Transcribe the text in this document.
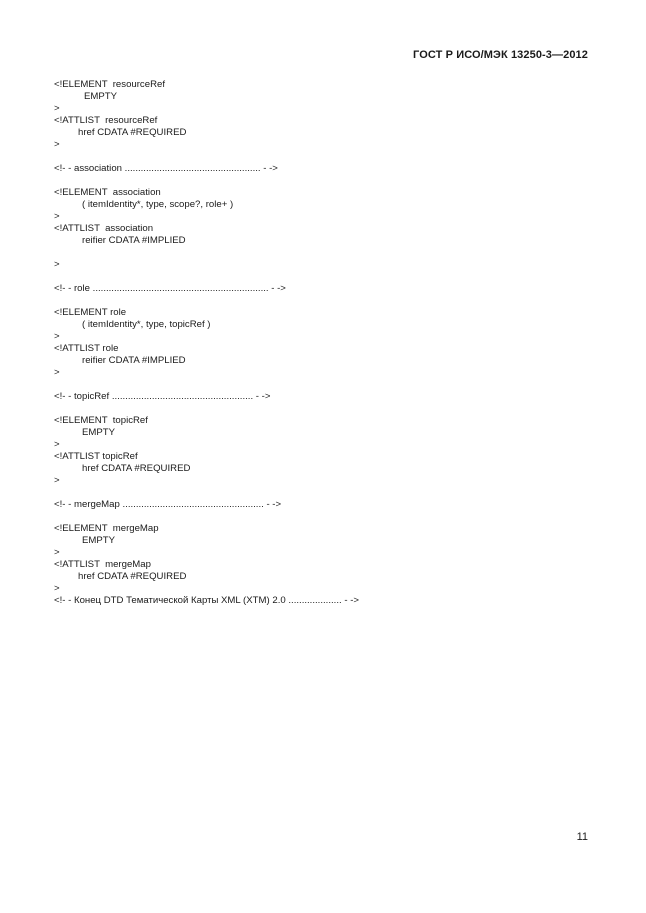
ГОСТ Р ИСО/МЭК 13250-3—2012
<!ELEMENT  resourceRef
EMPTY
>
<!ATTLIST  resourceRef
href CDATA #REQUIRED
>
<!- - association ................................................... - ->
<!ELEMENT  association
( itemIdentity*, type, scope?, role+ )
>
<!ATTLIST  association
reifier CDATA #IMPLIED
>
<!- - role .................................................................. - ->
<!ELEMENT role
( itemIdentity*, type, topicRef )
>
<!ATTLIST role
reifier CDATA #IMPLIED
>
<!- - topicRef ..................................................... - ->
<!ELEMENT  topicRef
EMPTY
>
<!ATTLIST topicRef
href CDATA #REQUIRED
>
<!- - mergeMap ..................................................... - ->
<!ELEMENT  mergeMap
EMPTY
>
<!ATTLIST  mergeMap
href CDATA #REQUIRED
>
<!- - Конец DTD Тематической Карты XML (XTM) 2.0 .................... - ->
11
